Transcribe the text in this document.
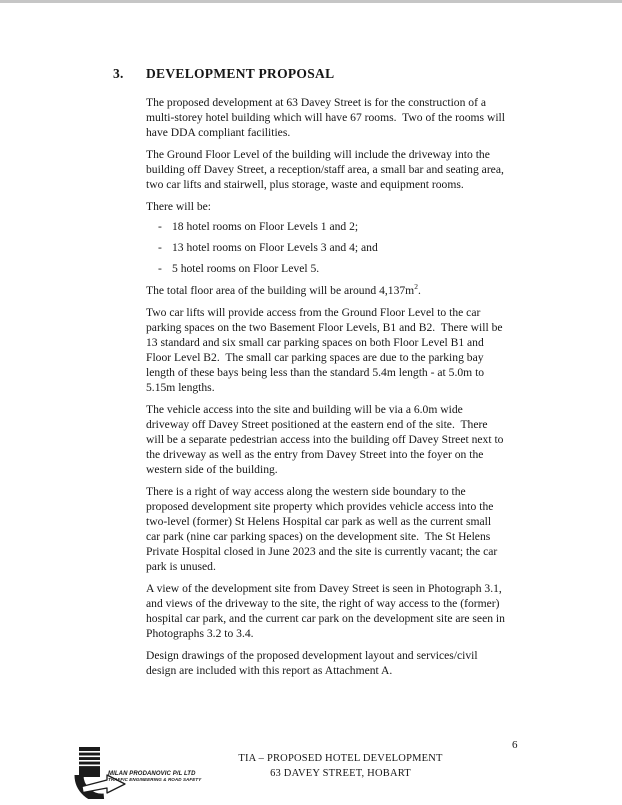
3. DEVELOPMENT PROPOSAL

The proposed development at 63 Davey Street is for the construction of a multi-storey hotel building which will have 67 rooms.  Two of the rooms will have DDA compliant facilities.

The Ground Floor Level of the building will include the driveway into the building off Davey Street, a reception/staff area, a small bar and seating area, two car lifts and stairwell, plus storage, waste and equipment rooms.

There will be:

- 18 hotel rooms on Floor Levels 1 and 2;
- 13 hotel rooms on Floor Levels 3 and 4; and
- 5 hotel rooms on Floor Level 5.

The total floor area of the building will be around $4,137m^2$.

Two car lifts will provide access from the Ground Floor Level to the car parking spaces on the two Basement Floor Levels, B1 and B2.  There will be 13 standard and six small car parking spaces on both Floor Level B1 and Floor Level B2.  The small car parking spaces are due to the parking bay length of these bays being less than the standard 5.4m length - at 5.0m to 5.15m lengths.

The vehicle access into the site and building will be via a 6.0m wide driveway off Davey Street positioned at the eastern end of the site.  There will be a separate pedestrian access into the building off Davey Street next to the driveway as well as the entry from Davey Street into the foyer on the western side of the building.

There is a right of way access along the western side boundary to the proposed development site property which provides vehicle access into the two-level (former) St Helens Hospital car park as well as the current small car park (nine car parking spaces) on the development site.  The St Helens Private Hospital closed in June 2023 and the site is currently vacant; the car park is unused.

A view of the development site from Davey Street is seen in Photograph 3.1, and views of the driveway to the site, the right of way access to the (former) hospital car park, and the current car park on the development site are seen in Photographs 3.2 to 3.4.

Design drawings of the proposed development layout and services/civil design are included with this report as Attachment A.

MILAN PRODANOVIC P/L LTD
TRAFFIC ENGINEERING & ROAD SAFETY
TIA – PROPOSED HOTEL DEVELOPMENT
63 DAVEY STREET, HOBART
6
